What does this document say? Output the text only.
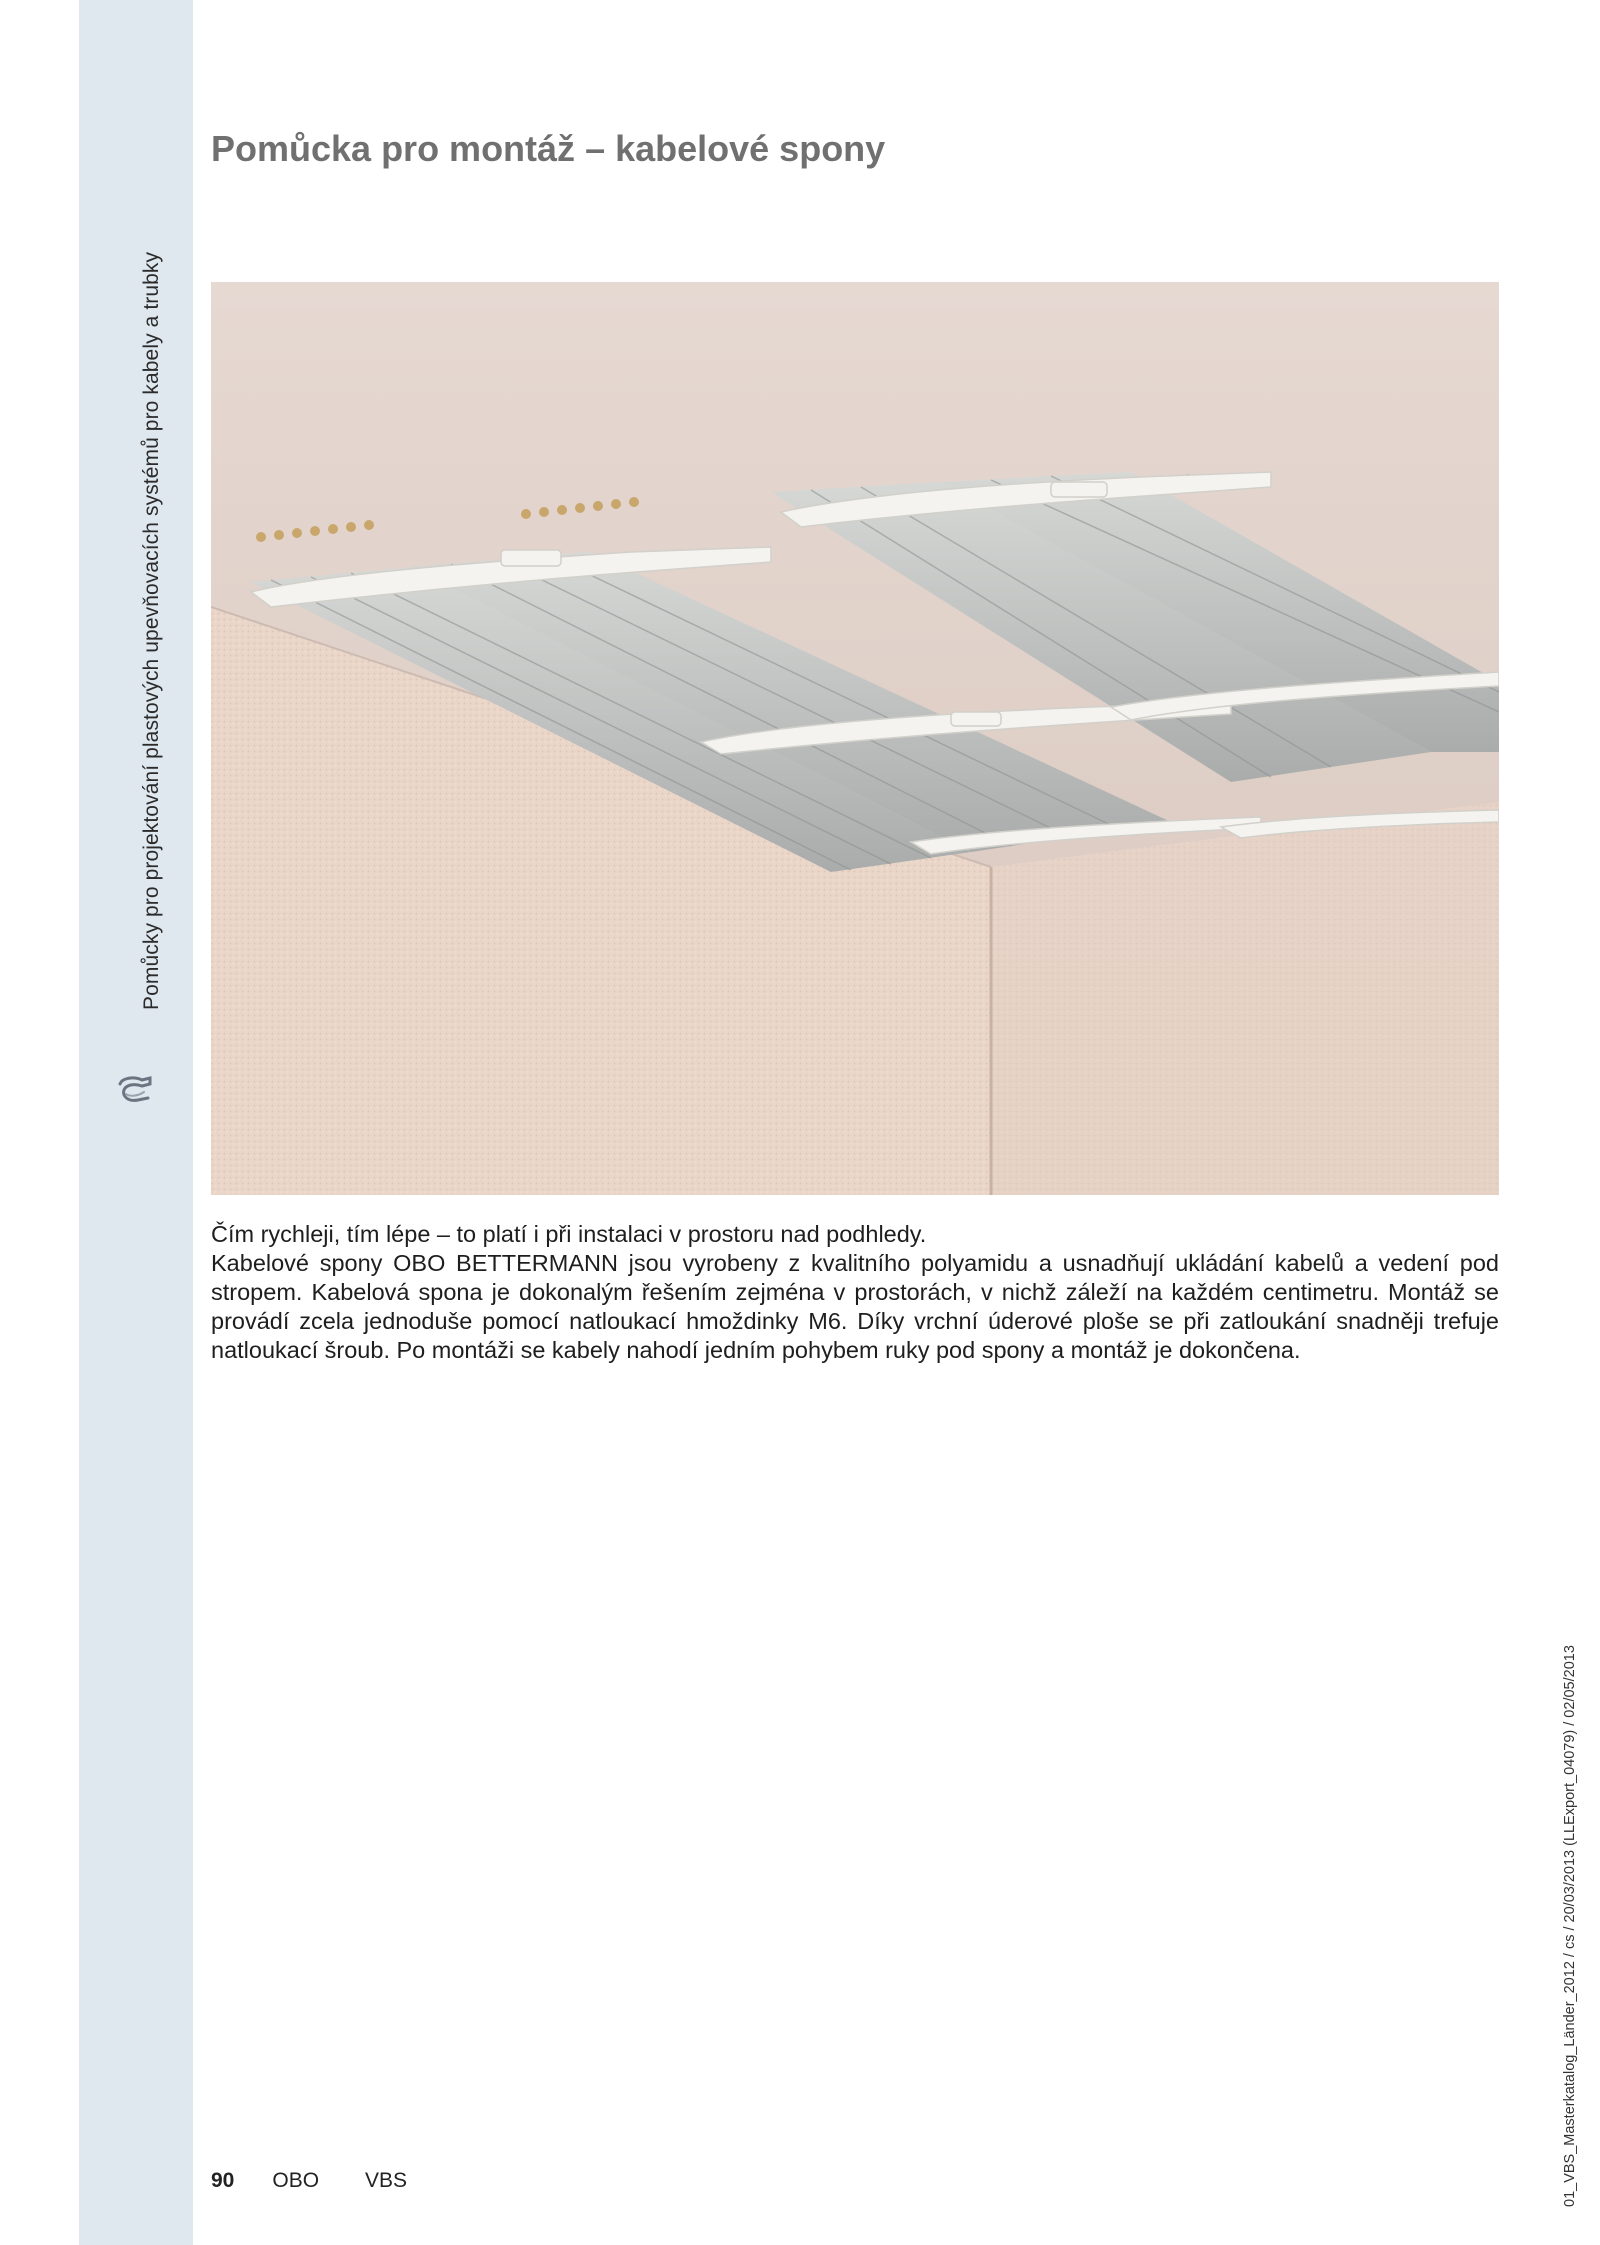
Pomůcky pro projektování plastových upevňovacích systémů pro kabely a trubky
Pomůcka pro montáž – kabelové spony

Čím rychleji, tím lépe – to platí i při instalaci v prostoru nad podhledy.

Kabelové spony OBO BETTERMANN jsou vyrobeny z kvalitního polyamidu a usnadňují ukládání kabelů a vedení pod stropem. Kabelová spona je dokonalým řešením zejména v prostorách, v nichž záleží na každém centimetru. Montáž se provádí zcela jednoduše pomocí natloukací hmoždinky M6. Díky vrchní úderové ploše se při zatloukání snadněji trefuje natloukací šroub. Po montáži se kabely nahodí jedním pohybem ruky pod spony a montáž je dokončena.

90 OBO VBS	01_VBS_Masterkatalog_Länder_2012 / cs / 20/03/2013 (LLExport_04079) / 02/05/2013
